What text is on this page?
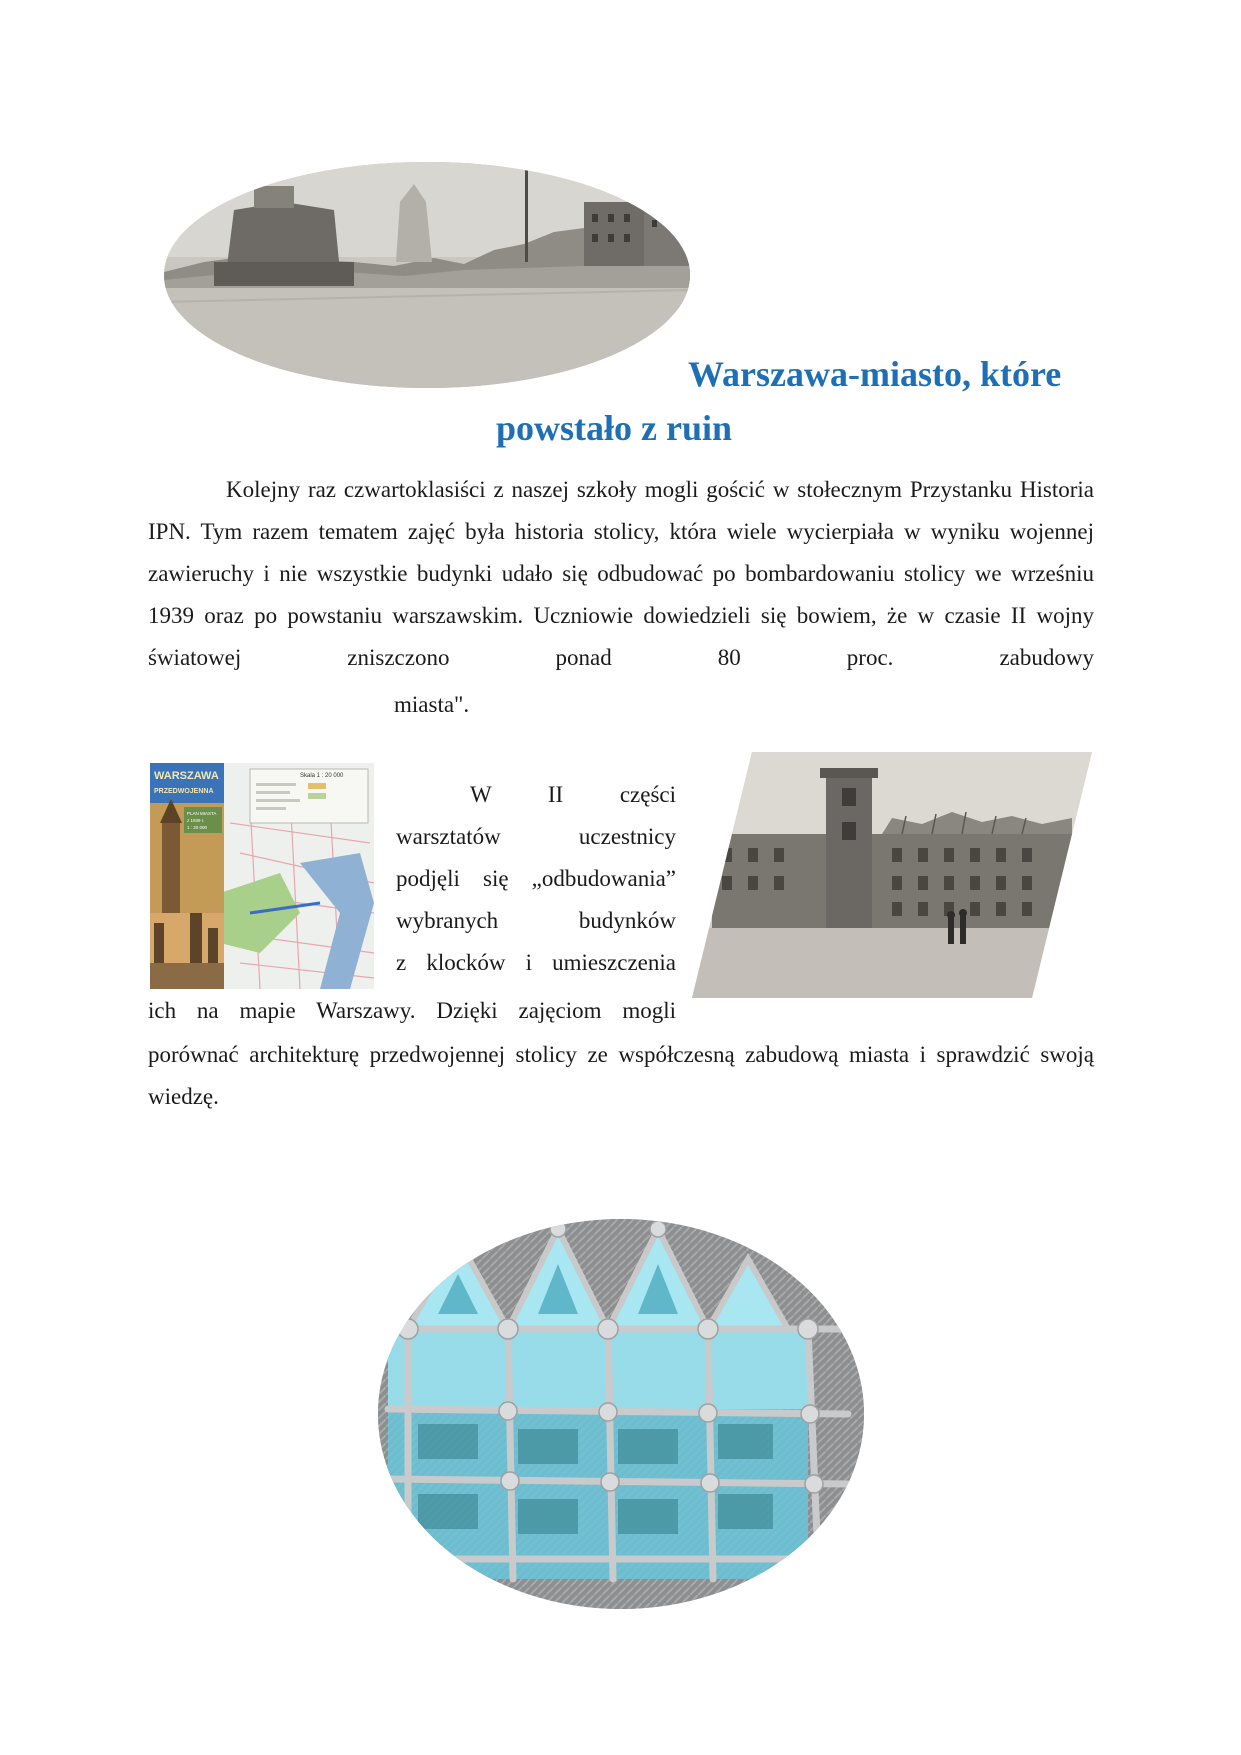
Warszawa-miasto, które
powstało z ruin
Kolejny raz czwartoklasiści z naszej szkoły mogli gościć w stołecznym Przystanku Historia IPN. Tym razem tematem zajęć była historia stolicy, która wiele wycierpiała w wyniku wojennej zawieruchy i nie wszystkie budynki udało się odbudować po bombardowaniu stolicy we wrześniu 1939 oraz po powstaniu warszawskim. Uczniowie dowiedzieli się bowiem, że w czasie II wojny światowej zniszczono ponad 80 proc. zabudowy
miasta".
Skala 1 : 20 000
WARSZAWA
PRZEDWOJENNA
PLAN MIASTA
z 1939 r.
1 : 20 000
W II części
warsztatów uczestnicy
podjęli się „odbudowania”
wybranych budynków
z klocków i umieszczenia
ich na mapie Warszawy. Dzięki zajęciom mogli
porównać architekturę przedwojennej stolicy ze współczesną zabudową miasta i sprawdzić swoją wiedzę.
